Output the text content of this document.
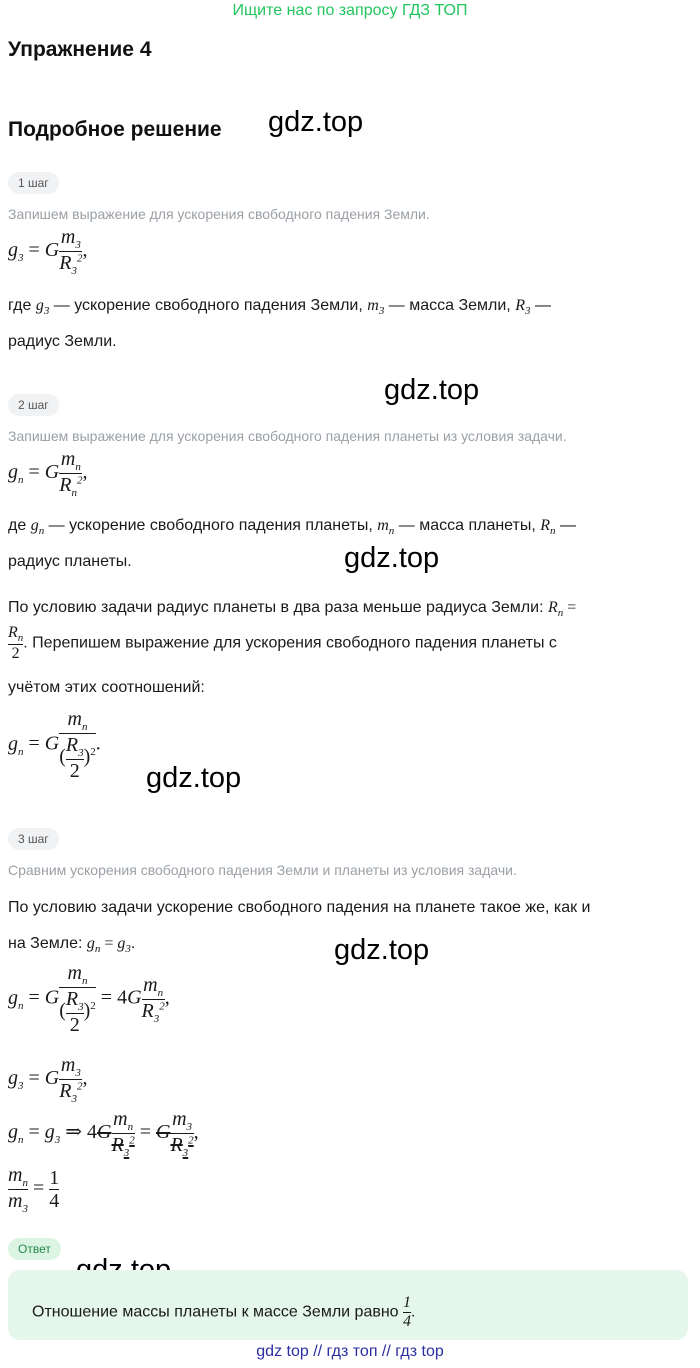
Ищите нас по запросу ГДЗ ТОП
Упражнение 4
Подробное решение gdz.top
gdz.top
gdz.top
gdz.top
gdz.top
1 шаг
Запишем выражение для ускорения свободного падения Земли.
$g_3 = G \frac{m_3}{R_3^2}$ ,
где $g_3$ — ускорение свободного падения Земли, $m_3$ — масса Земли, $R_3$ —
радиус Земли.
2 шаг
Запишем выражение для ускорения свободного падения планеты из условия задачи.
$g_n = G \frac{m_n}{R_n^2}$ ,
де $g_n$ — ускорение свободного падения планеты, $m_n$ — масса планеты, $R_n$ —
радиус планеты.
По условию задачи радиус планеты в два раза меньше радиуса Земли: $R_n$ =
$\frac{R_n}{2}$ . Перепишем выражение для ускорения свободного падения планеты с
учётом этих соотношений:
$g_n = G \frac{m_n}{( \frac{R_3}{2} )^2}$ .
3 шаг
Сравним ускорения свободного падения Земли и планеты из условия задачи.
По условию задачи ускорение свободного падения на планете такое же, как и
на Земле: $g_n = g_3$.
$g_n = G \frac{m_n}{( \frac{R_3}{2} )^2} = 4G \frac{m_n}{R_3^2}$ ,
$g_3 = G \frac{m_3}{R_3^2}$ ,
$g_n = g_3$ ⇒ $4G \frac{m_n}{R_3^2} = G \frac{m_3}{R_3^2}$ ,
$\frac{m_n}{m_3} = \frac{1}{4}$
Ответ
Отношение массы планеты к массе Земли равно $\frac{1}{4}$ .
gdz top // гдз топ // гдз top
